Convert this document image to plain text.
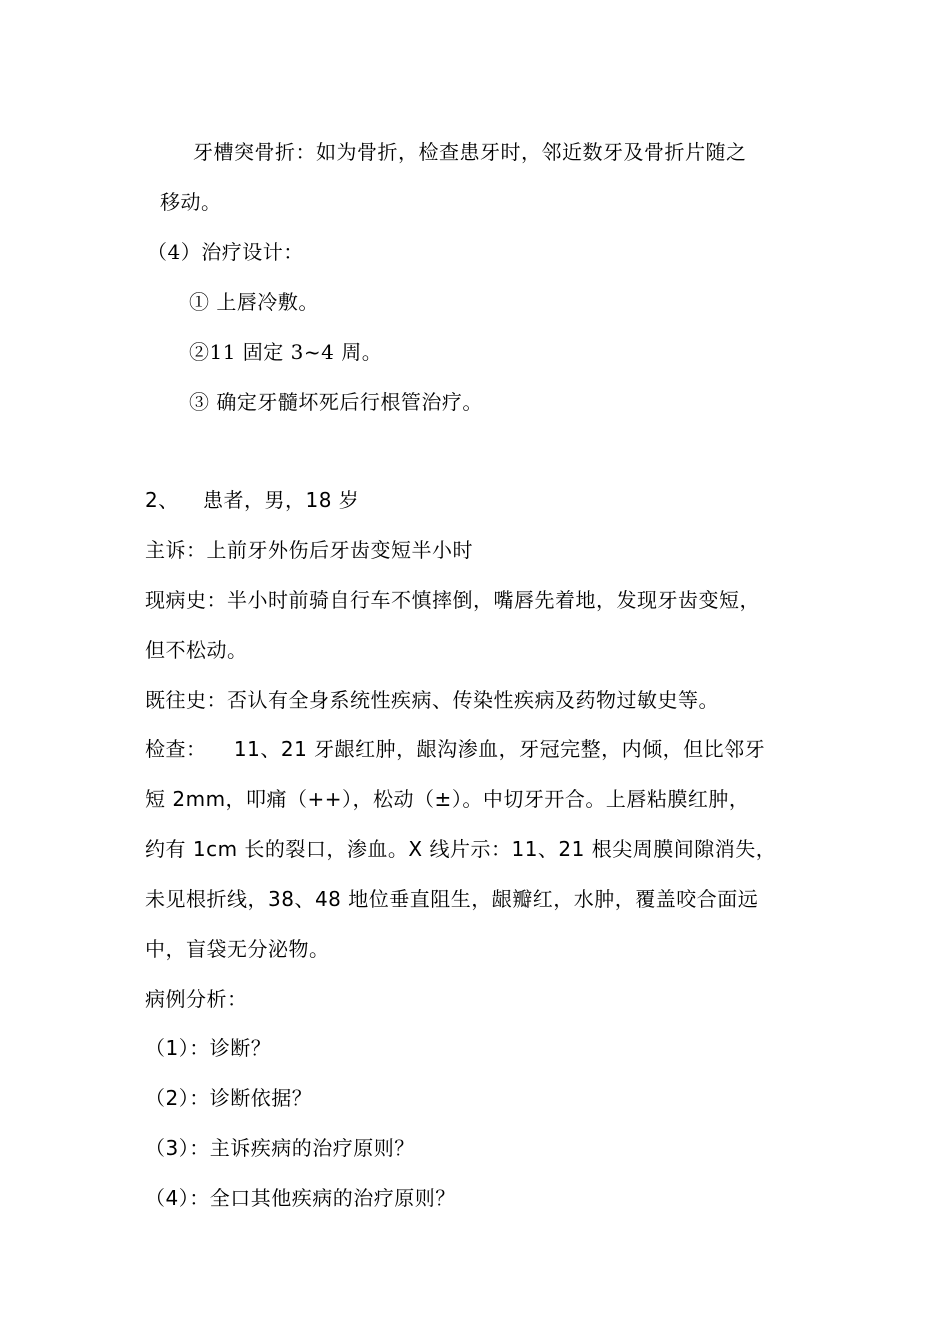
牙槽突骨折：如为骨折，检查患牙时，邻近数牙及骨折片随之
移动。
（4）治疗设计：
① 上唇冷敷。
②11 固定 3~4 周。
③ 确定牙髓坏死后行根管治疗。
2、 患者，男，18 岁
主诉：上前牙外伤后牙齿变短半小时
现病史：半小时前骑自行车不慎摔倒，嘴唇先着地，发现牙齿变短，
但不松动。
既往史：否认有全身系统性疾病、传染性疾病及药物过敏史等。
检查：    11、21 牙龈红肿，龈沟渗血，牙冠完整，内倾，但比邻牙
短 2mm，叩痛（++），松动（±）。中切牙开合。上唇粘膜红肿，
约有 1cm 长的裂口，渗血。X 线片示：11、21 根尖周膜间隙消失，
未见根折线，38、48 地位垂直阻生，龈瓣红，水肿，覆盖咬合面远
中，盲袋无分泌物。
病例分析：
（1）：诊断？
（2）：诊断依据？
（3）：主诉疾病的治疗原则？
（4）：全口其他疾病的治疗原则？
